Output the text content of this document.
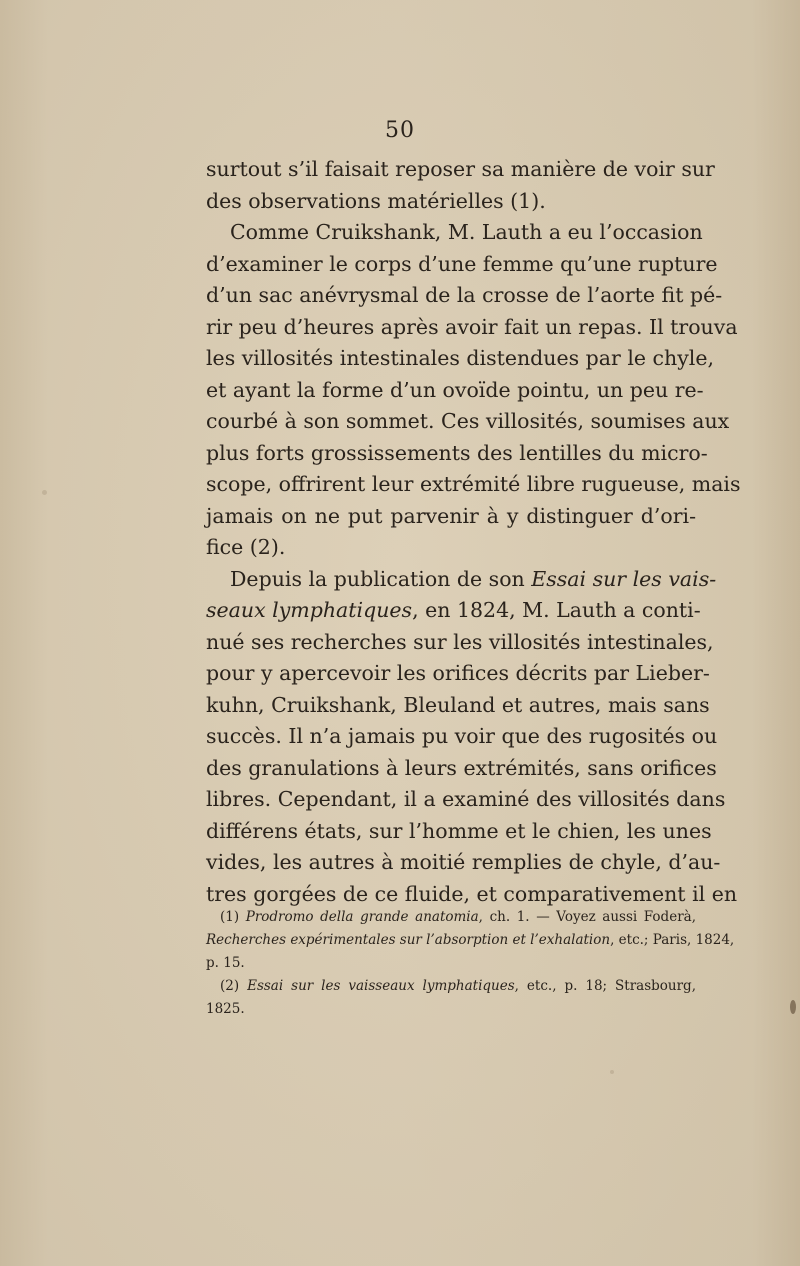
50
surtout s’il faisait reposer sa manière de voir sur
des observations matérielles (1).
Comme Cruikshank, M. Lauth a eu l’occasion
d’examiner le corps d’une femme qu’une rupture
d’un sac anévrysmal de la crosse de l’aorte fit pé-
rir peu d’heures après avoir fait un repas. Il trouva
les villosités intestinales distendues par le chyle,
et ayant la forme d’un ovoïde pointu, un peu re-
courbé à son sommet. Ces villosités, soumises aux
plus forts grossissements des lentilles du micro-
scope, offrirent leur extrémité libre rugueuse, mais
jamais on ne put parvenir à y distinguer d’ori-
fice (2).
Depuis la publication de son Essai sur les vais-
seaux lymphatiques, en 1824, M. Lauth a conti-
nué ses recherches sur les villosités intestinales,
pour y apercevoir les orifices décrits par Lieber-
kuhn, Cruikshank, Bleuland et autres, mais sans
succès. Il n’a jamais pu voir que des rugosités ou
des granulations à leurs extrémités, sans orifices
libres. Cependant, il a examiné des villosités dans
différens états, sur l’homme et le chien, les unes
vides, les autres à moitié remplies de chyle, d’au-
tres gorgées de ce fluide, et comparativement il en
(1) Prodromo della grande anatomia, ch. 1. — Voyez aussi Foderà,
Recherches expérimentales sur l’absorption et l’exhalation, etc.; Paris, 1824,
p. 15.
(2) Essai sur les vaisseaux lymphatiques, etc., p. 18; Strasbourg,
1825.
